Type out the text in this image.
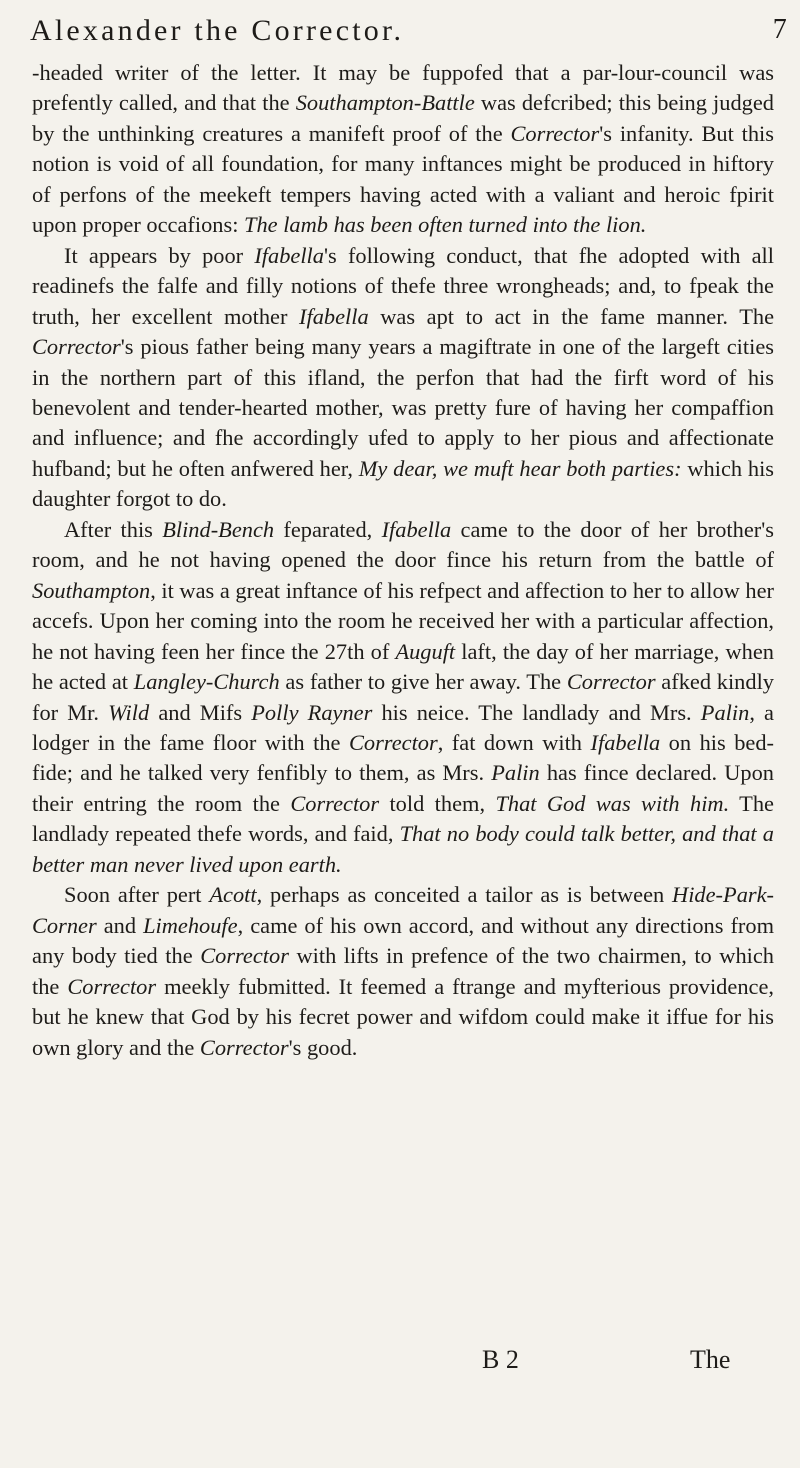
Alexander the Corrector.	7

-headed writer of the letter. It may be fuppofed that a par-lour-council was prefently called, and that the Southampton-Battle was defcribed; this being judged by the unthinking creatures a manifeft proof of the Corrector's infanity. But this notion is void of all foundation, for many inftances might be produced in hiftory of perfons of the meekeft tempers having acted with a valiant and heroic fpirit upon proper occafions: The lamb has been often turned into the lion.

It appears by poor Ifabella's following conduct, that fhe adopted with all readinefs the falfe and filly notions of thefe three wrongheads; and, to fpeak the truth, her excellent mother Ifabella was apt to act in the fame manner. The Corrector's pious father being many years a magiftrate in one of the largeft cities in the northern part of this ifland, the perfon that had the firft word of his benevolent and tender-hearted mother, was pretty fure of having her compaffion and influence; and fhe accordingly ufed to apply to her pious and affectionate hufband; but he often anfwered her, My dear, we muft hear both parties: which his daughter forgot to do.

After this Blind-Bench feparated, Ifabella came to the door of her brother's room, and he not having opened the door fince his return from the battle of Southampton, it was a great inftance of his refpect and affection to her to allow her accefs. Upon her coming into the room he received her with a particular affection, he not having feen her fince the 27th of Auguft laft, the day of her marriage, when he acted at Langley-Church as father to give her away. The Corrector afked kindly for Mr. Wild and Mifs Polly Rayner his neice. The landlady and Mrs. Palin, a lodger in the fame floor with the Corrector, fat down with Ifabella on his bed-fide; and he talked very fenfibly to them, as Mrs. Palin has fince declared. Upon their entring the room the Corrector told them, That God was with him. The landlady repeated thefe words, and faid, That no body could talk better, and that a better man never lived upon earth.

Soon after pert Acott, perhaps as conceited a tailor as is between Hide-Park-Corner and Limehoufe, came of his own accord, and without any directions from any body tied the Corrector with lifts in prefence of the two chairmen, to which the Corrector meekly fubmitted. It feemed a ftrange and myfterious providence, but he knew that God by his fecret power and wifdom could make it iffue for his own glory and the Corrector's good.

B 2	The
